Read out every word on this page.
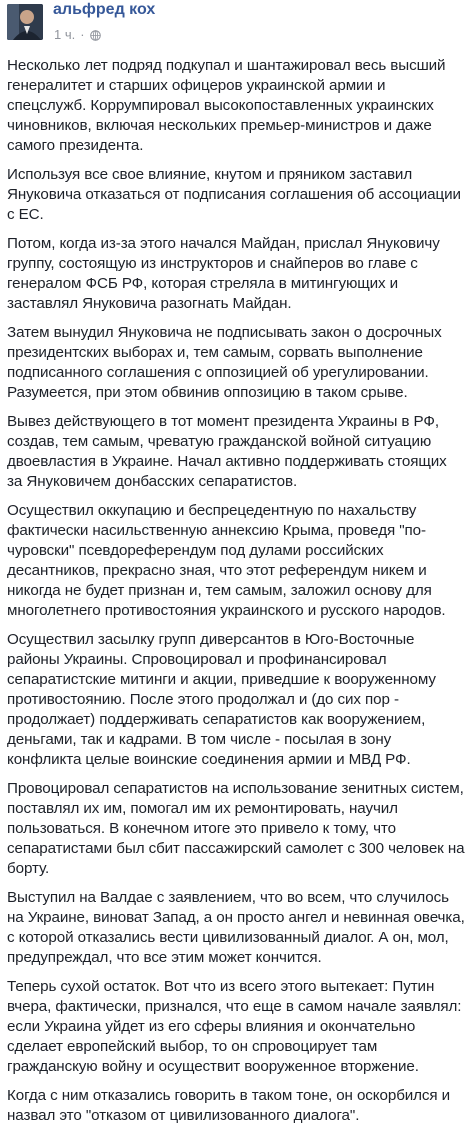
альфред кох
1 ч. ·

Несколько лет подряд подкупал и шантажировал весь высший генералитет и старших офицеров украинской армии и спецслужб. Коррумпировал высокопоставленных украинских чиновников, включая нескольких премьер-министров и даже самого президента.

Используя все свое влияние, кнутом и пряником заставил Януковича отказаться от подписания соглашения об ассоциации с ЕС.

Потом, когда из-за этого начался Майдан, прислал Януковичу группу, состоящую из инструкторов и снайперов во главе с генералом ФСБ РФ, которая стреляла в митингующих и заставлял Януковича разогнать Майдан.

Затем вынудил Януковича не подписывать закон о досрочных президентских выборах и, тем самым, сорвать выполнение подписанного соглашения с оппозицией об урегулировании. Разумеется, при этом обвинив оппозицию в таком срыве.

Вывез действующего в тот момент президента Украины в РФ, создав, тем самым, чреватую гражданской войной ситуацию двоевластия в Украине. Начал активно поддерживать стоящих за Януковичем донбасских сепаратистов.

Осуществил оккупацию и беспрецедентную по нахальству фактически насильственную аннексию Крыма, проведя "по-чуровски" псевдореферендум под дулами российских десантников, прекрасно зная, что этот референдум никем и никогда не будет признан и, тем самым, заложил основу для многолетнего противостояния украинского и русского народов.

Осуществил засылку групп диверсантов в Юго-Восточные районы Украины. Спровоцировал и профинансировал сепаратистские митинги и акции, приведшие к вооруженному противостоянию. После этого продолжал и (до сих пор - продолжает) поддерживать сепаратистов как вооружением, деньгами, так и кадрами. В том числе - посылая в зону конфликта целые воинские соединения армии и МВД РФ.

Провоцировал сепаратистов на использование зенитных систем, поставлял их им, помогал им их ремонтировать, научил пользоваться. В конечном итоге это привело к тому, что сепаратистами был сбит пассажирский самолет с 300 человек на борту.

Выступил на Валдае с заявлением, что во всем, что случилось на Украине, виноват Запад, а он просто ангел и невинная овечка, с которой отказались вести цивилизованный диалог. А он, мол, предупреждал, что все этим может кончится.

Теперь сухой остаток. Вот что из всего этого вытекает: Путин вчера, фактически, признался, что еще в самом начале заявлял: если Украина уйдет из его сферы влияния и окончательно сделает европейский выбор, то он спровоцирует там гражданскую войну и осуществит вооруженное вторжение.

Когда с ним отказались говорить в таком тоне, он оскорбился и назвал это "отказом от цивилизованного диалога".
